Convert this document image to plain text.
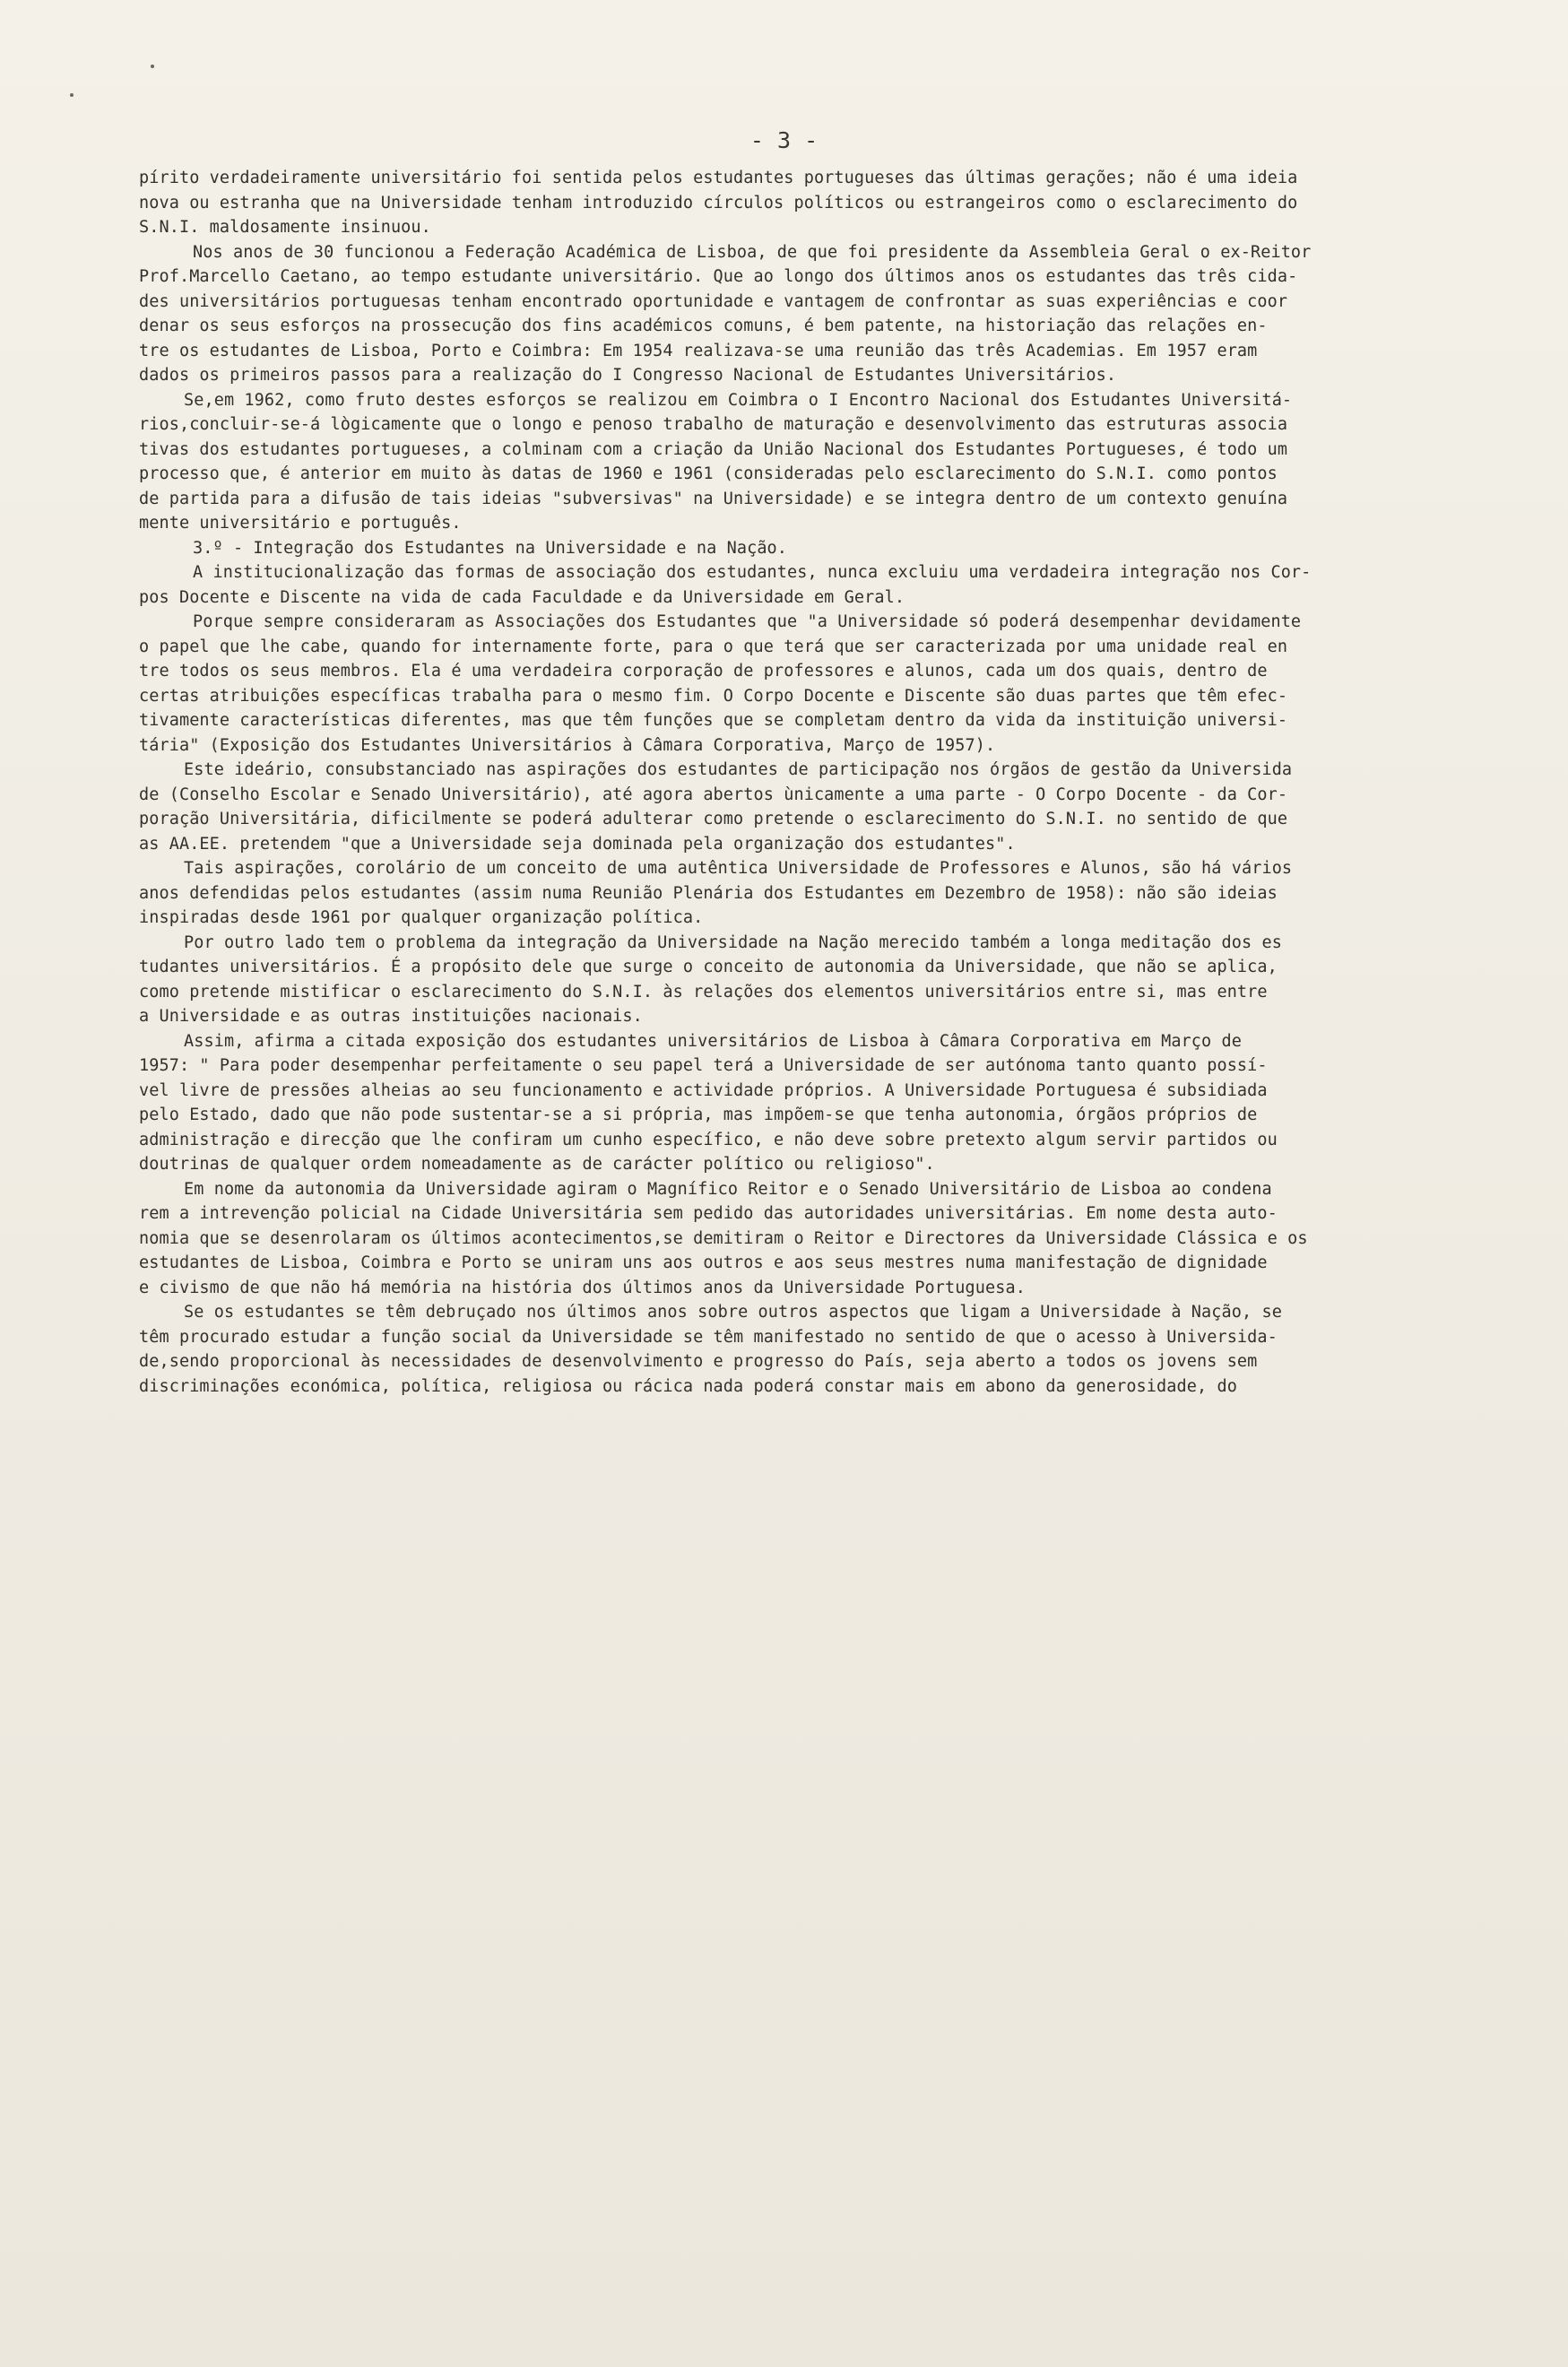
- 3 -
pírito verdadeiramente universitário foi sentida pelos estudantes portugueses das últimas gerações; não é uma ideia
nova ou estranha que na Universidade tenham introduzido círculos políticos ou estrangeiros como o esclarecimento do
S.N.I. maldosamente insinuou.
Nos anos de 30 funcionou a Federação Académica de Lisboa, de que foi presidente da Assembleia Geral o ex-Reitor
Prof.Marcello Caetano, ao tempo estudante universitário. Que ao longo dos últimos anos os estudantes das três cida-
des universitários portuguesas tenham encontrado oportunidade e vantagem de confrontar as suas experiências e coor
denar os seus esforços na prossecução dos fins académicos comuns, é bem patente, na historiação das relações en-
tre os estudantes de Lisboa, Porto e Coimbra: Em 1954 realizava-se uma reunião das três Academias. Em 1957 eram
dados os primeiros passos para a realização do I Congresso Nacional de Estudantes Universitários.
Se,em 1962, como fruto destes esforços se realizou em Coimbra o I Encontro Nacional dos Estudantes Universitá-
rios,concluir-se-á lògicamente que o longo e penoso trabalho de maturação e desenvolvimento das estruturas associa
tivas dos estudantes portugueses, a colminam com a criação da União Nacional dos Estudantes Portugueses, é todo um
processo que, é anterior em muito às datas de 1960 e 1961 (consideradas pelo esclarecimento do S.N.I. como pontos
de partida para a difusão de tais ideias "subversivas" na Universidade) e se integra dentro de um contexto genuína
mente universitário e português.
3.º - Integração dos Estudantes na Universidade e na Nação.
A institucionalização das formas de associação dos estudantes, nunca excluiu uma verdadeira integração nos Cor-
pos Docente e Discente na vida de cada Faculdade e da Universidade em Geral.
Porque sempre consideraram as Associações dos Estudantes que "a Universidade só poderá desempenhar devidamente
o papel que lhe cabe, quando for internamente forte, para o que terá que ser caracterizada por uma unidade real en
tre todos os seus membros. Ela é uma verdadeira corporação de professores e alunos, cada um dos quais, dentro de
certas atribuições específicas trabalha para o mesmo fim. O Corpo Docente e Discente são duas partes que têm efec-
tivamente características diferentes, mas que têm funções que se completam dentro da vida da instituição universi-
tária" (Exposição dos Estudantes Universitários à Câmara Corporativa, Março de 1957).
Este ideário, consubstanciado nas aspirações dos estudantes de participação nos órgãos de gestão da Universida
de (Conselho Escolar e Senado Universitário), até agora abertos ùnicamente a uma parte - O Corpo Docente - da Cor-
poração Universitária, dificilmente se poderá adulterar como pretende o esclarecimento do S.N.I. no sentido de que
as AA.EE. pretendem "que a Universidade seja dominada pela organização dos estudantes".
Tais aspirações, corolário de um conceito de uma autêntica Universidade de Professores e Alunos, são há vários
anos defendidas pelos estudantes (assim numa Reunião Plenária dos Estudantes em Dezembro de 1958): não são ideias
inspiradas desde 1961 por qualquer organização política.
Por outro lado tem o problema da integração da Universidade na Nação merecido também a longa meditação dos es
tudantes universitários. É a propósito dele que surge o conceito de autonomia da Universidade, que não se aplica,
como pretende mistificar o esclarecimento do S.N.I. às relações dos elementos universitários entre si, mas entre
a Universidade e as outras instituições nacionais.
Assim, afirma a citada exposição dos estudantes universitários de Lisboa à Câmara Corporativa em Março de
1957: " Para poder desempenhar perfeitamente o seu papel terá a Universidade de ser autónoma tanto quanto possí-
vel livre de pressões alheias ao seu funcionamento e actividade próprios. A Universidade Portuguesa é subsidiada
pelo Estado, dado que não pode sustentar-se a si própria, mas impõem-se que tenha autonomia, órgãos próprios de
administração e direcção que lhe confiram um cunho específico, e não deve sobre pretexto algum servir partidos ou
doutrinas de qualquer ordem nomeadamente as de carácter político ou religioso".
Em nome da autonomia da Universidade agiram o Magnífico Reitor e o Senado Universitário de Lisboa ao condena
rem a intrevenção policial na Cidade Universitária sem pedido das autoridades universitárias. Em nome desta auto-
nomia que se desenrolaram os últimos acontecimentos,se demitiram o Reitor e Directores da Universidade Clássica e os
estudantes de Lisboa, Coimbra e Porto se uniram uns aos outros e aos seus mestres numa manifestação de dignidade
e civismo de que não há memória na história dos últimos anos da Universidade Portuguesa.
Se os estudantes se têm debruçado nos últimos anos sobre outros aspectos que ligam a Universidade à Nação, se
têm procurado estudar a função social da Universidade se têm manifestado no sentido de que o acesso à Universida-
de,sendo proporcional às necessidades de desenvolvimento e progresso do País, seja aberto a todos os jovens sem
discriminações económica, política, religiosa ou rácica nada poderá constar mais em abono da generosidade, do
